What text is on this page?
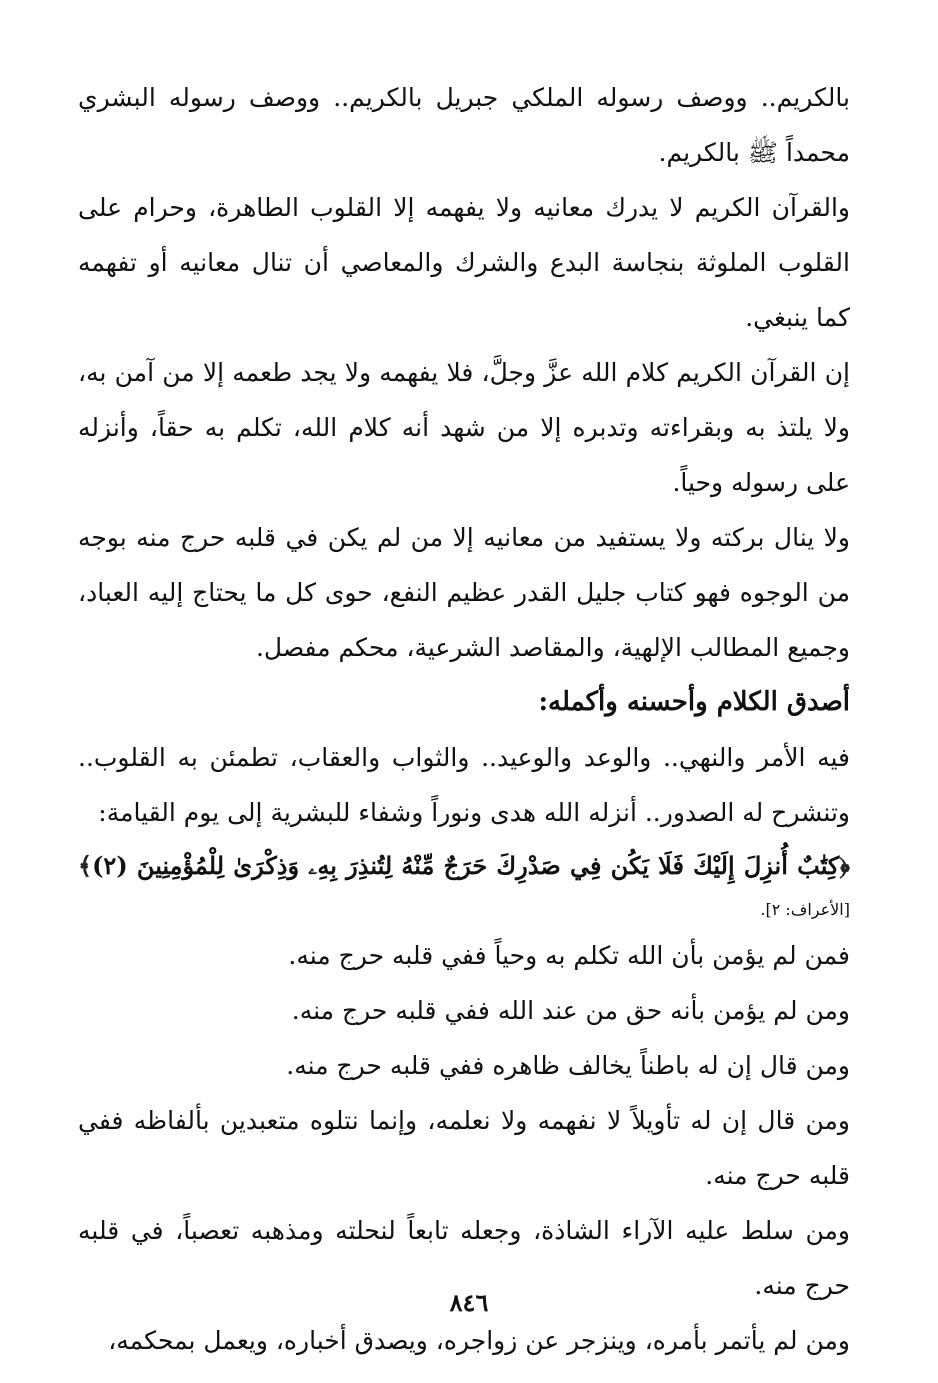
بالكريم.. ووصف رسوله الملكي جبريل بالكريم.. ووصف رسوله البشري محمداً ﷺ بالكريم.

والقرآن الكريم لا يدرك معانيه ولا يفهمه إلا القلوب الطاهرة، وحرام على القلوب الملوثة بنجاسة البدع والشرك والمعاصي أن تنال معانيه أو تفهمه كما ينبغي.

إن القرآن الكريم كلام الله عزَّ وجلَّ، فلا يفهمه ولا يجد طعمه إلا من آمن به، ولا يلتذ به وبقراءته وتدبره إلا من شهد أنه كلام الله، تكلم به حقاً، وأنزله على رسوله وحياً.

ولا ينال بركته ولا يستفيد من معانيه إلا من لم يكن في قلبه حرج منه بوجه من الوجوه فهو كتاب جليل القدر عظيم النفع، حوى كل ما يحتاج إليه العباد، وجميع المطالب الإلهية، والمقاصد الشرعية، محكم مفصل.

أصدق الكلام وأحسنه وأكمله:

فيه الأمر والنهي.. والوعد والوعيد.. والثواب والعقاب، تطمئن به القلوب.. وتنشرح له الصدور.. أنزله الله هدى ونوراً وشفاء للبشرية إلى يوم القيامة:

﴿كِتَٰبٌ أُنزِلَ إِلَيْكَ فَلَا يَكُن فِي صَدْرِكَ حَرَجٌ مِّنْهُ لِتُنذِرَ بِهِۦ وَذِكْرَىٰ لِلْمُؤْمِنِينَ (٢)﴾

[الأعراف: ٢].

فمن لم يؤمن بأن الله تكلم به وحياً ففي قلبه حرج منه.

ومن لم يؤمن بأنه حق من عند الله ففي قلبه حرج منه.

ومن قال إن له باطناً يخالف ظاهره ففي قلبه حرج منه.

ومن قال إن له تأويلاً لا نفهمه ولا نعلمه، وإنما نتلوه متعبدين بألفاظه ففي قلبه حرج منه.

ومن سلط عليه الآراء الشاذة، وجعله تابعاً لنحلته ومذهبه تعصباً، في قلبه حرج منه.

ومن لم يأتمر بأمره، وينزجر عن زواجره، ويصدق أخباره، ويعمل بمحكمه،

٨٤٦
